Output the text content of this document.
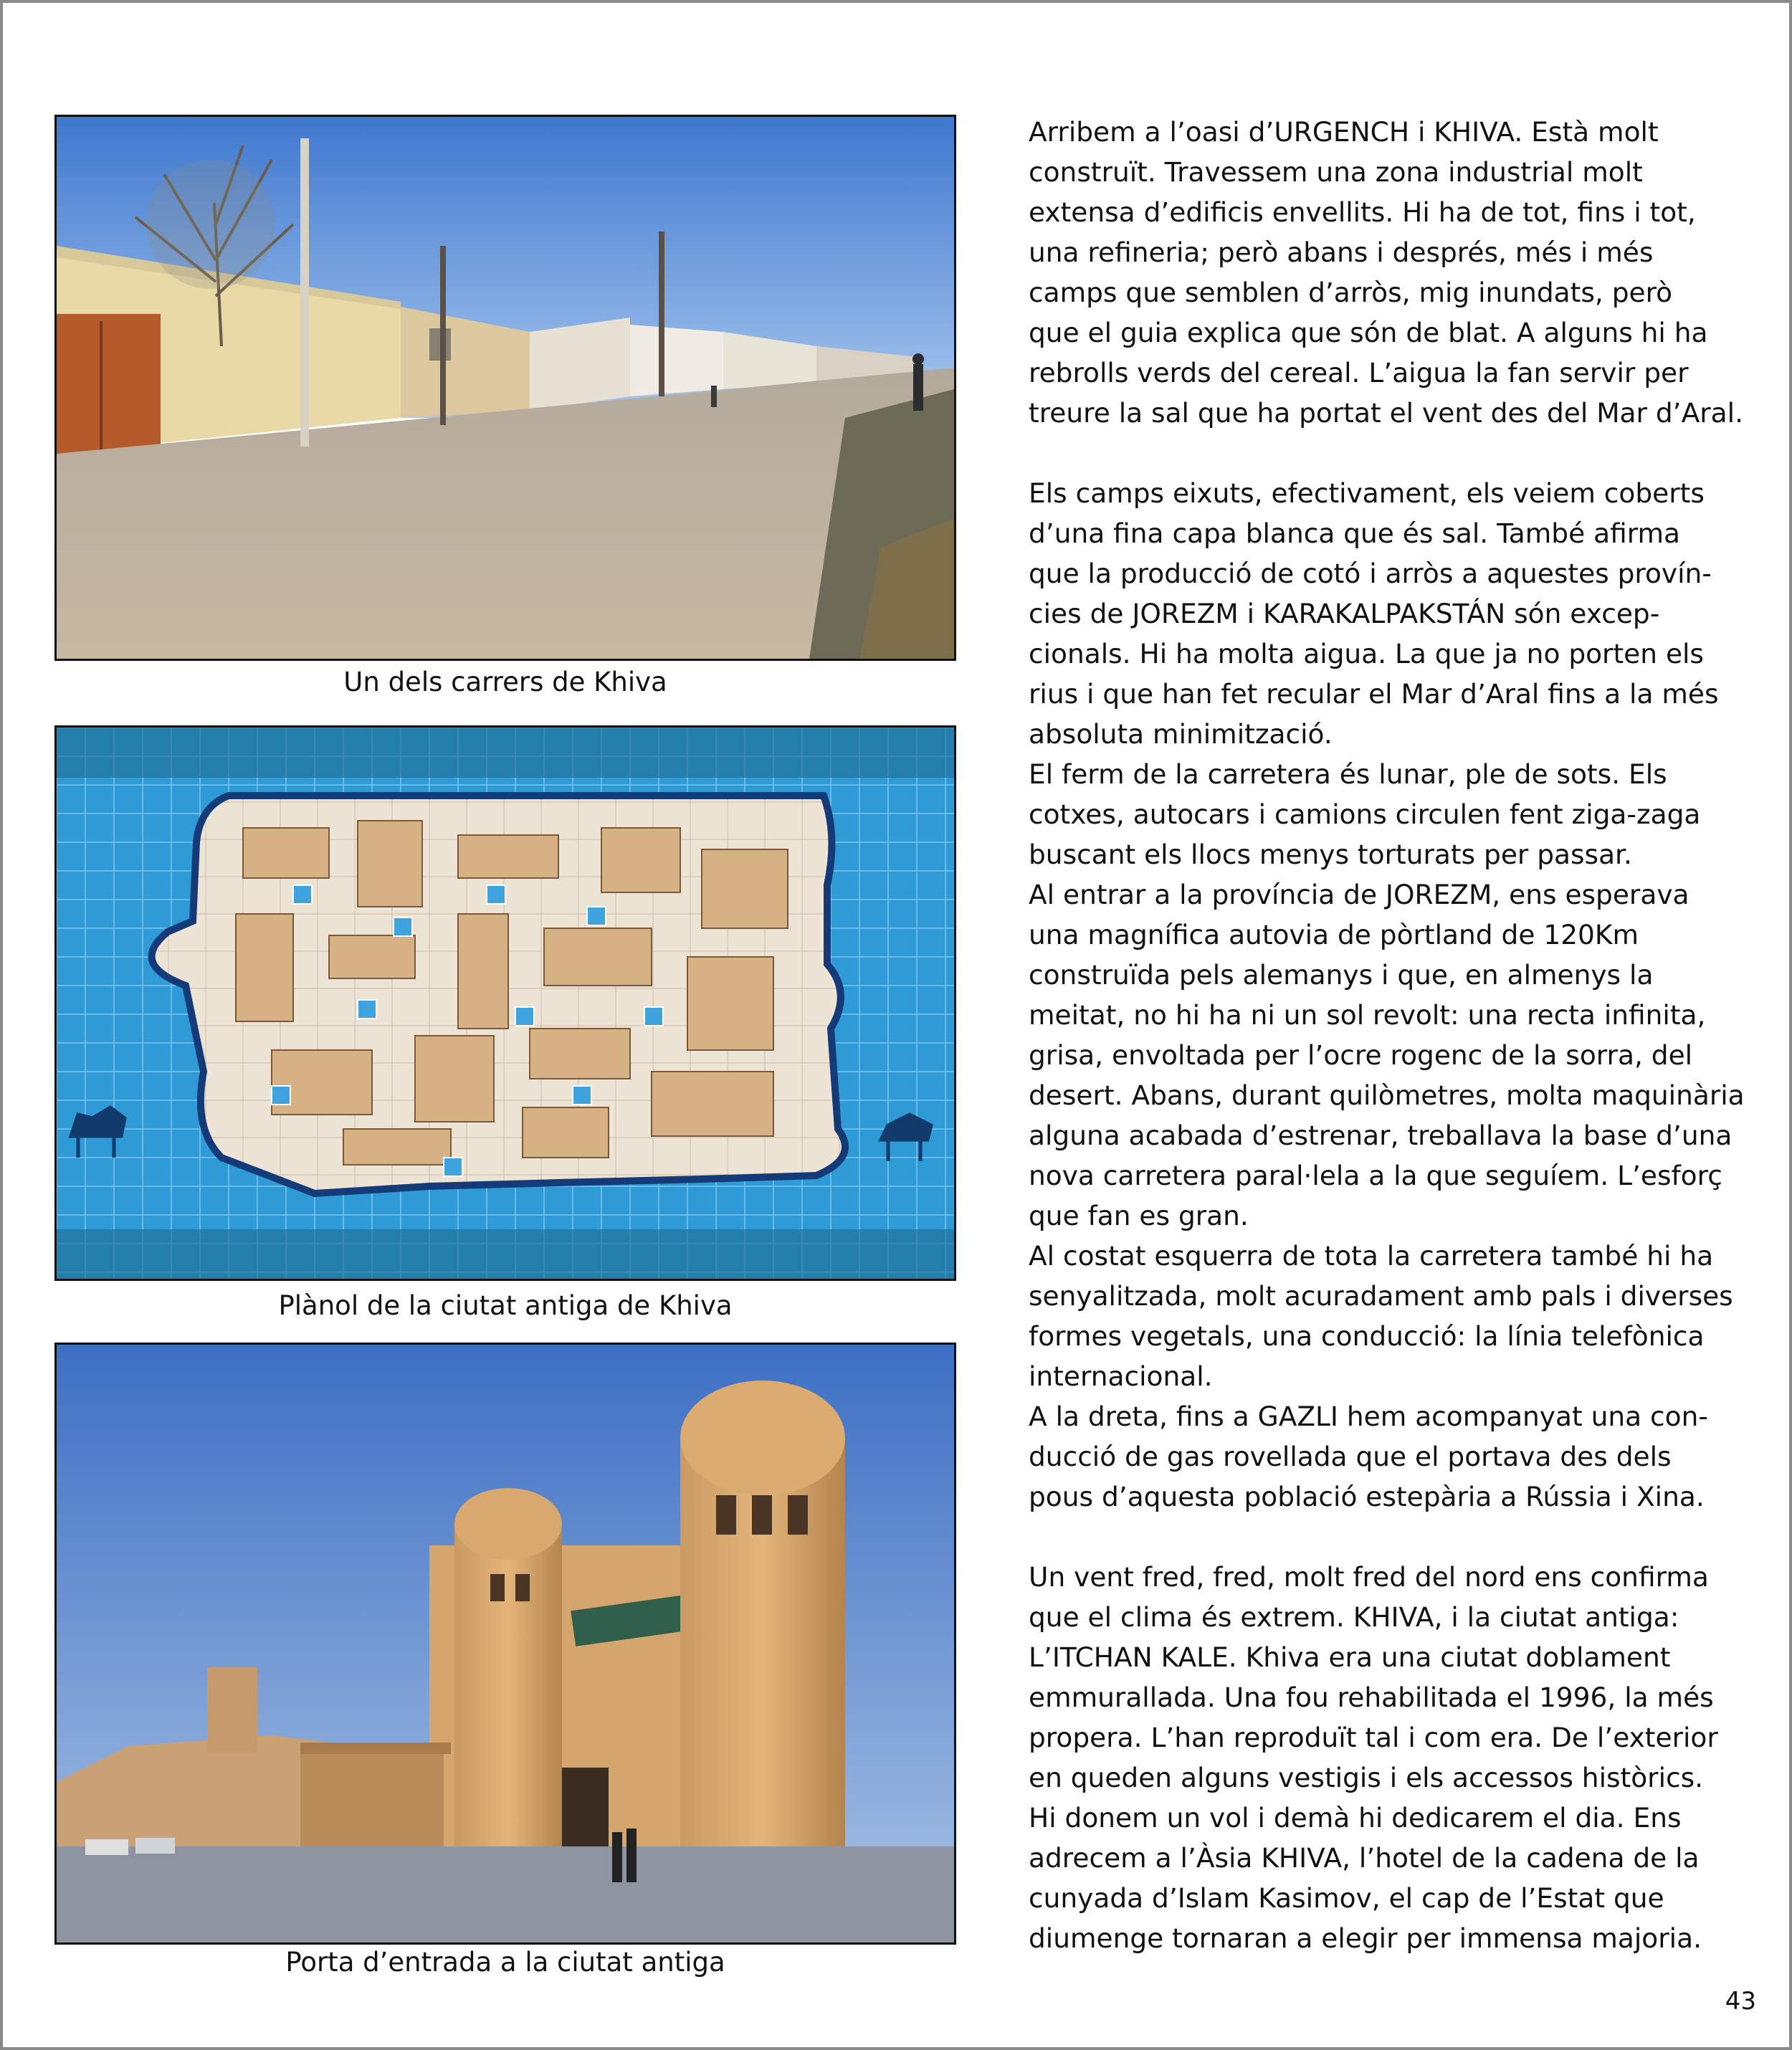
Un dels carrers de Khiva
Plànol de la ciutat antiga de Khiva
Porta d’entrada a la ciutat antiga

Arribem a l’oasi d’URGENCH i KHIVA. Està molt
construït. Travessem una zona industrial molt
extensa d’edificis envellits. Hi ha de tot, fins i tot,
una refineria; però abans i després, més i més
camps que semblen d’arròs, mig inundats, però
que el guia explica que són de blat. A alguns hi ha
rebrolls verds del cereal. L’aigua la fan servir per
treure la sal que ha portat el vent des del Mar d’Aral.

Els camps eixuts, efectivament, els veiem coberts
d’una fina capa blanca que és sal. També afirma
que la producció de cotó i arròs a aquestes provín-
cies de JOREZM i KARAKALPAKSTÁN són excep-
cionals. Hi ha molta aigua. La que ja no porten els
rius i que han fet recular el Mar d’Aral fins a la més
absoluta minimització.

El ferm de la carretera és lunar, ple de sots. Els
cotxes, autocars i camions circulen fent ziga-zaga
buscant els llocs menys torturats per passar.

Al entrar a la província de JOREZM, ens esperava
una magnífica autovia de pòrtland de 120Km
construïda pels alemanys i que, en almenys la
meitat, no hi ha ni un sol revolt: una recta infinita,
grisa, envoltada per l’ocre rogenc de la sorra, del
desert. Abans, durant quilòmetres, molta maquinària
alguna acabada d’estrenar, treballava la base d’una
nova carretera paral·lela a la que seguíem. L’esforç
que fan es gran.

Al costat esquerra de tota la carretera també hi ha
senyalitzada, molt acuradament amb pals i diverses
formes vegetals, una conducció: la línia telefònica
internacional.

A la dreta, fins a GAZLI hem acompanyat una con-
ducció de gas rovellada que el portava des dels
pous d’aquesta població estepària a Rússia i Xina.

Un vent fred, fred, molt fred del nord ens confirma
que el clima és extrem. KHIVA, i la ciutat antiga:
L’ITCHAN KALE. Khiva era una ciutat doblament
emmurallada. Una fou rehabilitada el 1996, la més
propera. L’han reproduït tal i com era. De l’exterior
en queden alguns vestigis i els accessos històrics.
Hi donem un vol i demà hi dedicarem el dia. Ens
adrecem a l’Àsia KHIVA, l’hotel de la cadena de la
cunyada d’Islam Kasimov, el cap de l’Estat que
diumenge tornaran a elegir per immensa majoria.

43
